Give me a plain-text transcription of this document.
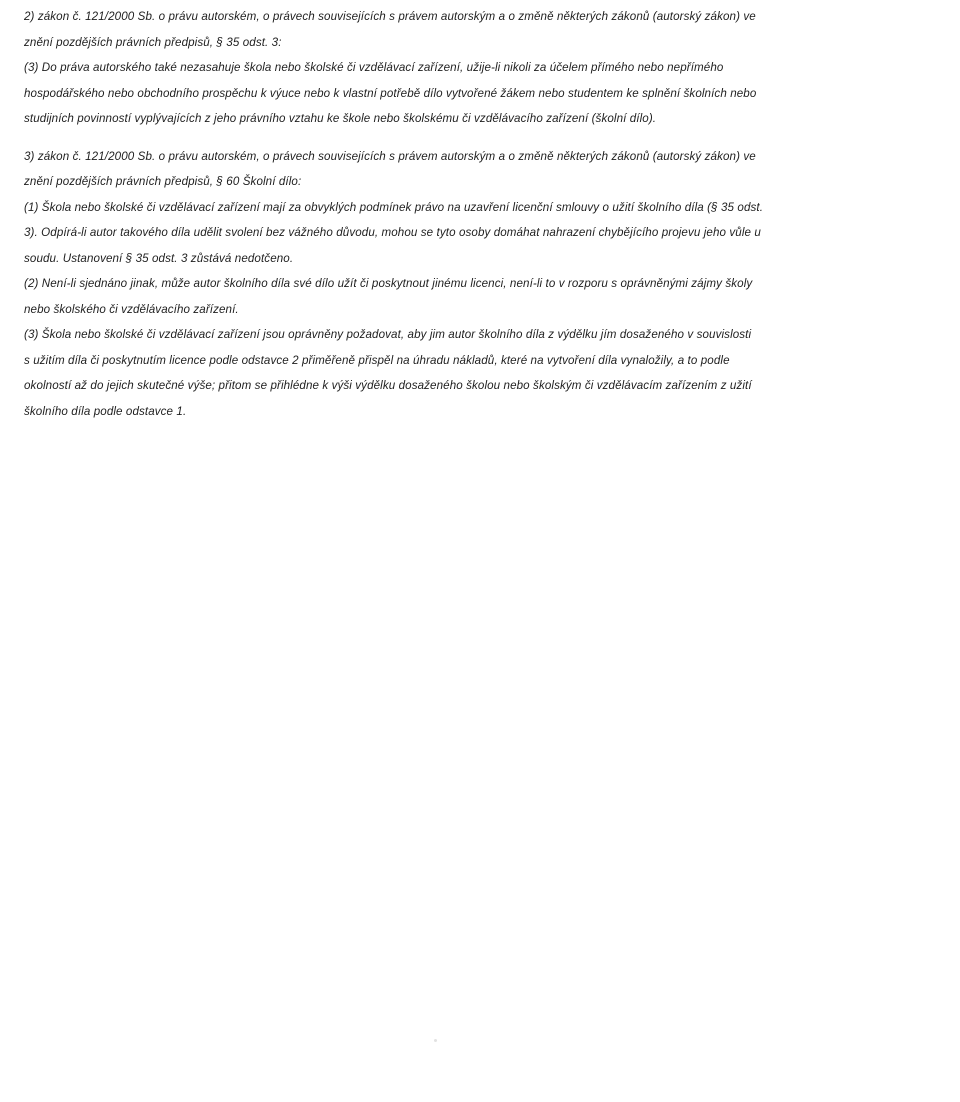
2) zákon č. 121/2000 Sb. o právu autorském, o právech souvisejících s právem autorským a o změně některých zákonů (autorský zákon) ve
znění pozdějších právních předpisů, § 35 odst. 3:
(3) Do práva autorského také nezasahuje škola nebo školské či vzdělávací zařízení, užije-li nikoli za účelem přímého nebo nepřímého
hospodářského nebo obchodního prospěchu k výuce nebo k vlastní potřebě dílo vytvořené žákem nebo studentem ke splnění školních nebo
studijních povinností vyplývajících z jeho právního vztahu ke škole nebo školskému či vzdělávacího zařízení (školní dílo).
3) zákon č. 121/2000 Sb. o právu autorském, o právech souvisejících s právem autorským a o změně některých zákonů (autorský zákon) ve
znění pozdějších právních předpisů, § 60 Školní dílo:
(1) Škola nebo školské či vzdělávací zařízení mají za obvyklých podmínek právo na uzavření licenční smlouvy o užití školního díla (§ 35 odst.
3). Odpírá-li autor takového díla udělit svolení bez vážného důvodu, mohou se tyto osoby domáhat nahrazení chybějícího projevu jeho vůle u
soudu. Ustanovení § 35 odst. 3 zůstává nedotčeno.
(2) Není-li sjednáno jinak, může autor školního díla své dílo užít či poskytnout jinému licenci, není-li to v rozporu s oprávněnými zájmy školy
nebo školského či vzdělávacího zařízení.
(3) Škola nebo školské či vzdělávací zařízení jsou oprávněny požadovat, aby jim autor školního díla z výdělku jím dosaženého v souvislosti
s užitím díla či poskytnutím licence podle odstavce 2 přiměřeně přispěl na úhradu nákladů, které na vytvoření díla vynaložily, a to podle
okolností až do jejich skutečné výše; přitom se přihlédne k výši výdělku dosaženého školou nebo školským či vzdělávacím zařízením z užití
školního díla podle odstavce 1.
